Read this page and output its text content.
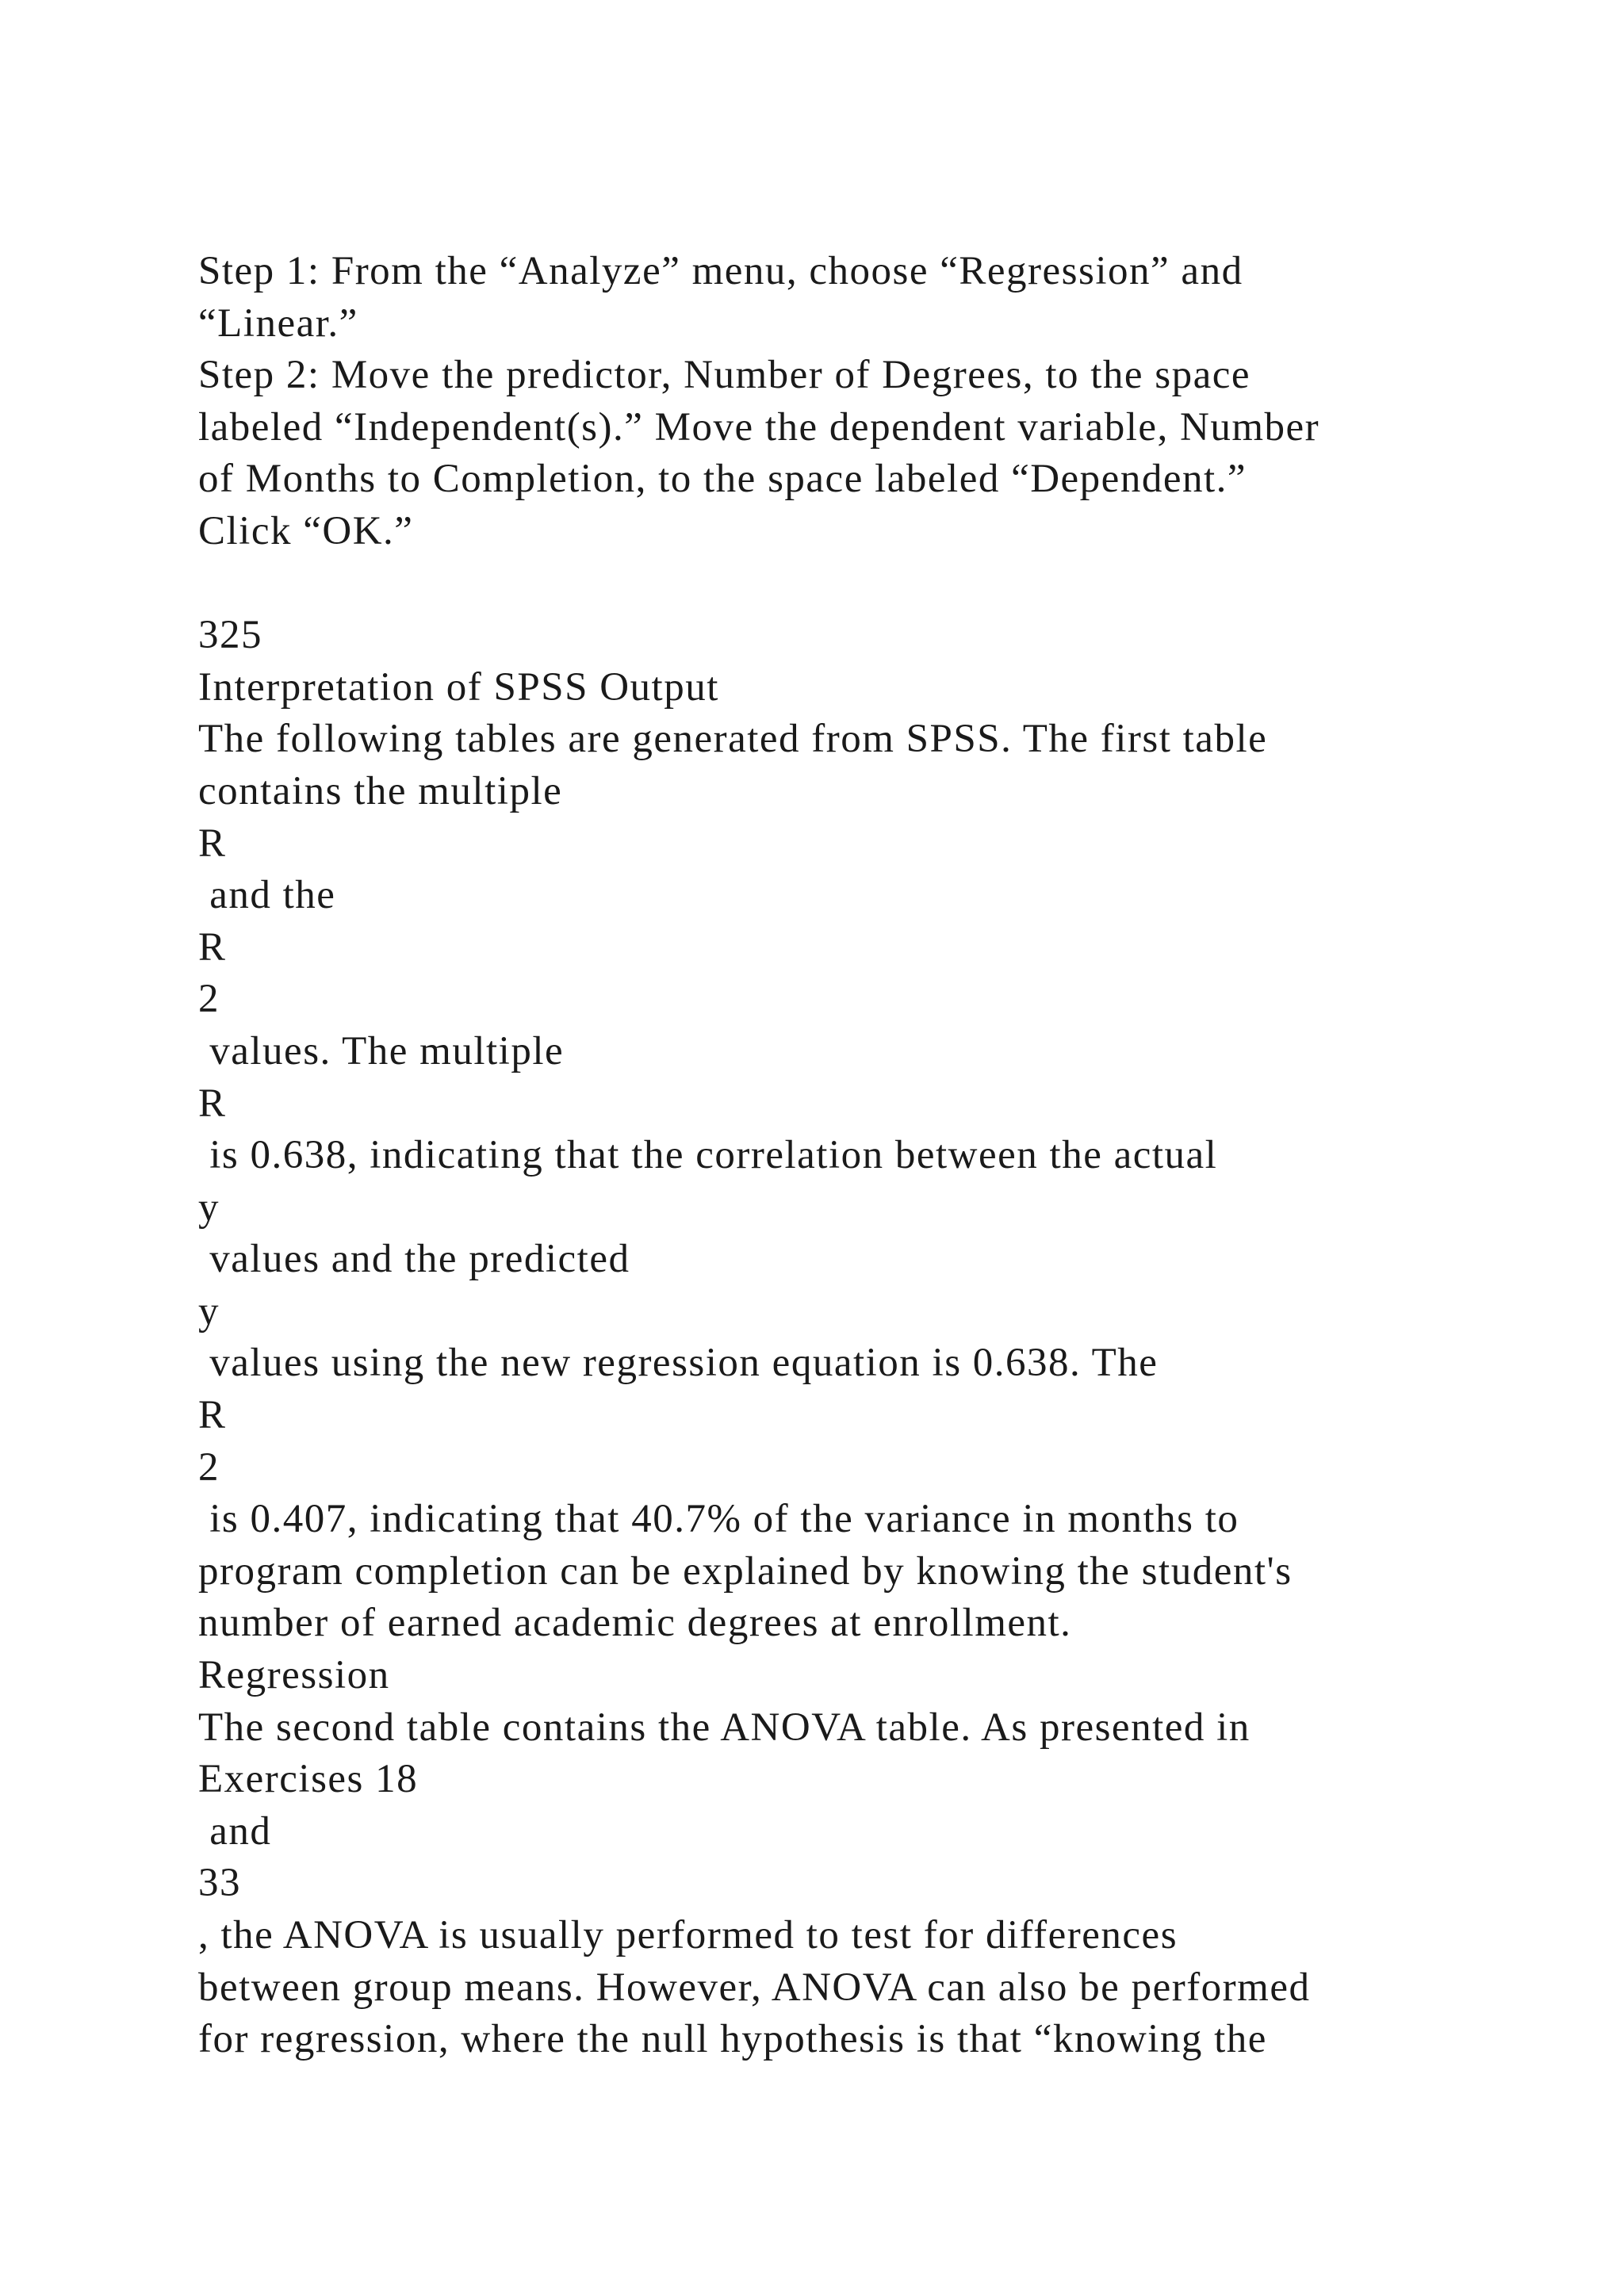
Step 1: From the “Analyze” menu, choose “Regression” and
“Linear.”
Step 2: Move the predictor, Number of Degrees, to the space
labeled “Independent(s).” Move the dependent variable, Number
of Months to Completion, to the space labeled “Dependent.”
Click “OK.”
325
Interpretation of SPSS Output
The following tables are generated from SPSS. The first table
contains the multiple
R
and the
R
2
values. The multiple
R
is 0.638, indicating that the correlation between the actual
y
values and the predicted
y
values using the new regression equation is 0.638. The
R
2
is 0.407, indicating that 40.7% of the variance in months to
program completion can be explained by knowing the student's
number of earned academic degrees at enrollment.
Regression
The second table contains the ANOVA table. As presented in
Exercises 18
and
33
, the ANOVA is usually performed to test for differences
between group means. However, ANOVA can also be performed
for regression, where the null hypothesis is that “knowing the
